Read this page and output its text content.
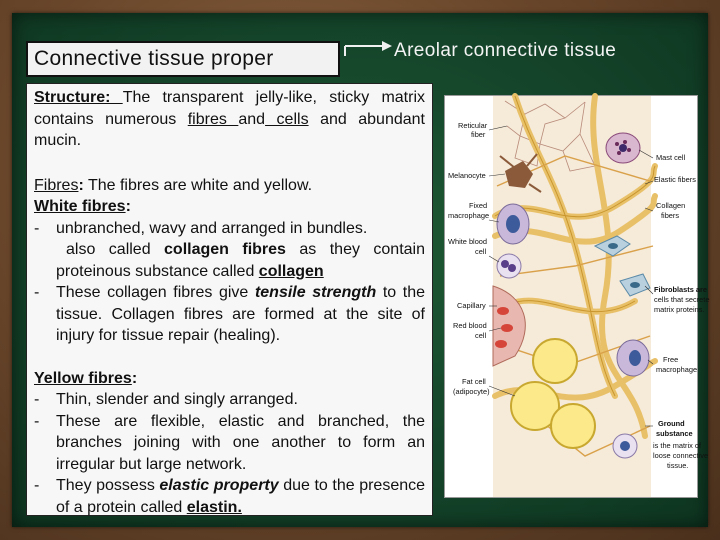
Connective tissue proper	Areolar connective tissue

Structure: The transparent jelly-like, sticky matrix contains numerous fibres and cells and abundant mucin.

Fibres: The fibres are white and yellow.

White fibres:

-	unbranched, wavy and arranged in bundles.
also called collagen fibres as they contain proteinous substance called collagen
-	These collagen fibres give tensile strength to the tissue. Collagen fibres are formed at the site of injury for tissue repair (healing).

Yellow fibres:

-	Thin, slender and singly arranged.
-	These are flexible, elastic and branched, the branches joining with one another to form an irregular but large network.
-	They possess elastic property due to the presence of a protein called elastin.
Reticular
fiber
Melanocyte
Fixed
macrophage
White blood
cell
Capillary
Red blood
cell
Fat cell
(adipocyte)
Mast cell
Elastic fibers
Collagen
fibers
Fibroblasts are
cells that secrete
matrix proteins.
Free
macrophage
Ground
substance
is the matrix of
loose connective
tissue.
